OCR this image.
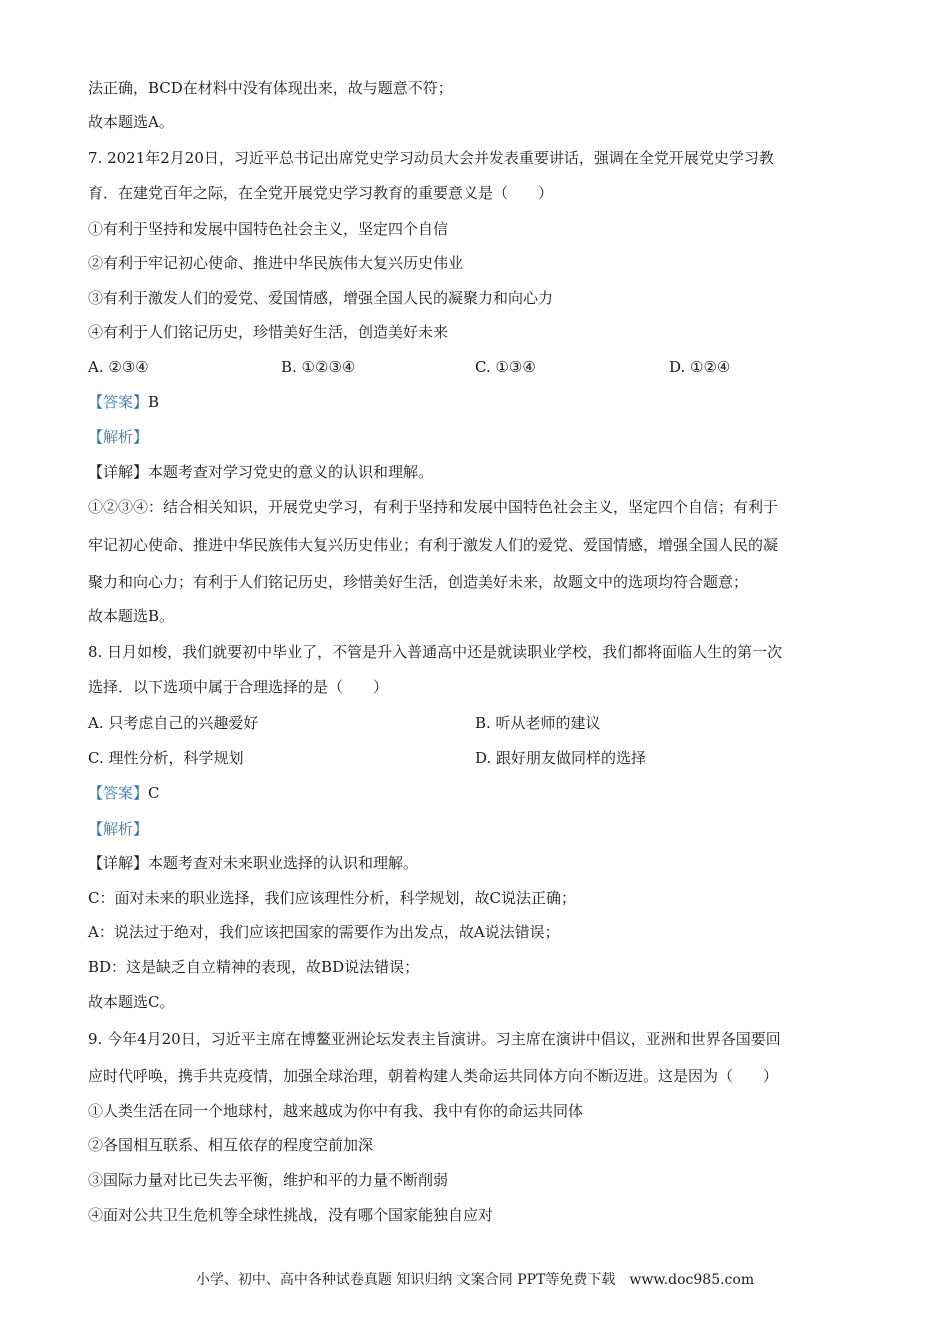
法正确，BCD在材料中没有体现出来，故与题意不符；
故本题选A。
7. 2021年2月20日，习近平总书记出席党史学习动员大会并发表重要讲话，强调在全党开展党史学习教
育．在建党百年之际，在全党开展党史学习教育的重要意义是（　　）
①有利于坚持和发展中国特色社会主义，坚定四个自信
②有利于牢记初心使命、推进中华民族伟大复兴历史伟业
③有利于激发人们的爱党、爱国情感，增强全国人民的凝聚力和向心力
④有利于人们铭记历史，珍惜美好生活，创造美好未来
A. ②③④	B. ①②③④	C. ①③④	D. ①②④
【答案】B
【解析】
【详解】本题考查对学习党史的意义的认识和理解。
①②③④：结合相关知识，开展党史学习，有利于坚持和发展中国特色社会主义，坚定四个自信；有利于
牢记初心使命、推进中华民族伟大复兴历史伟业；有利于激发人们的爱党、爱国情感，增强全国人民的凝
聚力和向心力；有利于人们铭记历史，珍惜美好生活，创造美好未来，故题文中的选项均符合题意；
故本题选B。
8. 日月如梭，我们就要初中毕业了，不管是升入普通高中还是就读职业学校，我们都将面临人生的第一次
选择．以下选项中属于合理选择的是（　　）
A. 只考虑自己的兴趣爱好	B. 听从老师的建议
C. 理性分析，科学规划	D. 跟好朋友做同样的选择
【答案】C
【解析】
【详解】本题考查对未来职业选择的认识和理解。
C：面对未来的职业选择，我们应该理性分析，科学规划，故C说法正确；
A：说法过于绝对，我们应该把国家的需要作为出发点，故A说法错误；
BD：这是缺乏自立精神的表现，故BD说法错误；
故本题选C。
9. 今年4月20日，习近平主席在博鳌亚洲论坛发表主旨演讲。习主席在演讲中倡议，亚洲和世界各国要回
应时代呼唤，携手共克疫情，加强全球治理，朝着构建人类命运共同体方向不断迈进。这是因为（　　）
①人类生活在同一个地球村，越来越成为你中有我、我中有你的命运共同体
②各国相互联系、相互依存的程度空前加深
③国际力量对比已失去平衡，维护和平的力量不断削弱
④面对公共卫生危机等全球性挑战，没有哪个国家能独自应对
小学、初中、高中各种试卷真题 知识归纳 文案合同 PPT等免费下载　www.doc985.com
